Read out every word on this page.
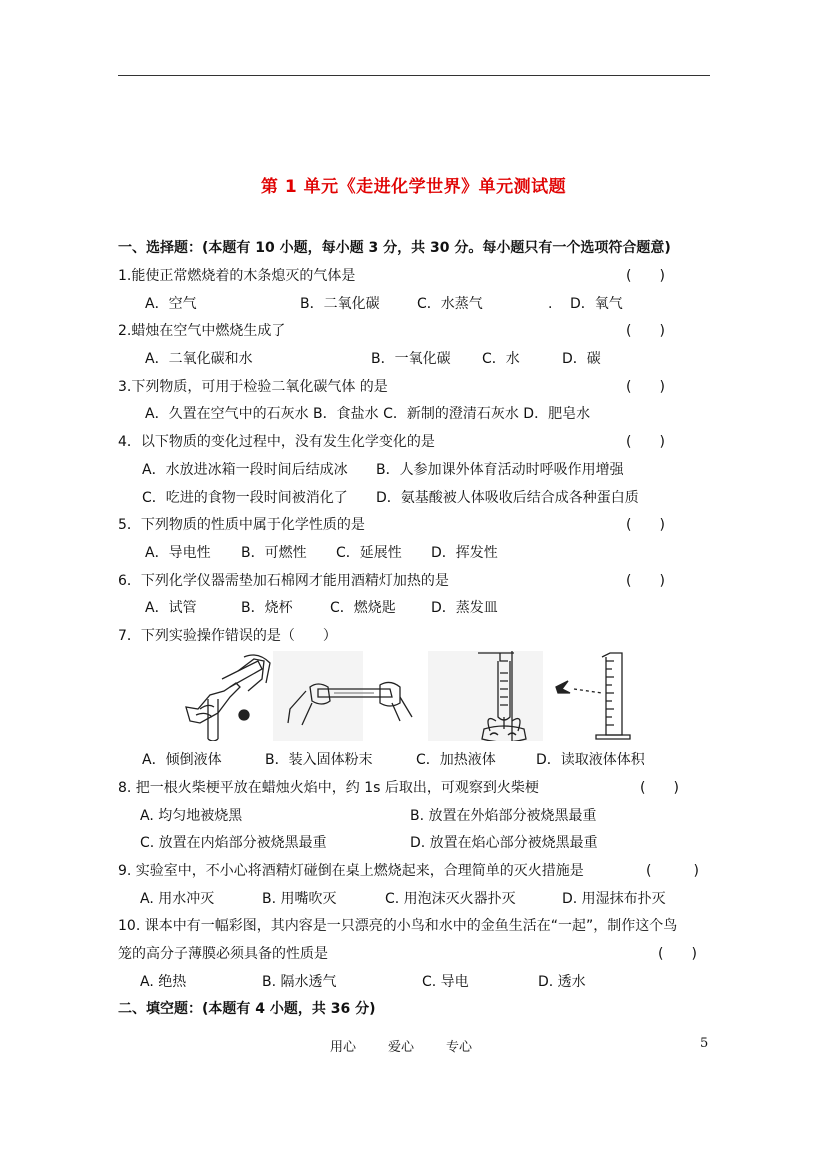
第 1 单元《走进化学世界》单元测试题
一、选择题：(本题有 10 小题，每小题 3 分，共 30 分。每小题只有一个选项符合题意)
1.能使正常燃烧着的木条熄灭的气体是	(　　)
A．空气	B．二氧化碳	C．水蒸气	. D．氧气
2.蜡烛在空气中燃烧生成了	(　　)
A．二氧化碳和水	B．一氧化碳 C．水	D．碳
3.下列物质，可用于检验二氧化碳气体 的是	(　　)
A．久置在空气中的石灰水 B．食盐水 C．新制的澄清石灰水 D．肥皂水
4．以下物质的变化过程中，没有发生化学变化的是	(　　)
A．水放进冰箱一段时间后结成冰 B．人参加课外体育活动时呼吸作用增强
C．吃进的食物一段时间被消化了 D．氨基酸被人体吸收后结合成各种蛋白质
5．下列物质的性质中属于化学性质的是	(　　)
A．导电性 B．可燃性 C．延展性 D．挥发性
6．下列化学仪器需垫加石棉网才能用酒精灯加热的是	(　　)
A．试管	B．烧杯	C．燃烧匙	D．蒸发皿
7．下列实验操作错误的是（　　）
A．倾倒液体	B．装入固体粉末	C．加热液体	D．读取液体体积
8. 把一根火柴梗平放在蜡烛火焰中，约 1s 后取出，可观察到火柴梗	(　　)
A. 均匀地被烧黑	B. 放置在外焰部分被烧黑最重
C. 放置在内焰部分被烧黑最重	D. 放置在焰心部分被烧黑最重
9. 实验室中，不小心将酒精灯碰倒在桌上燃烧起来，合理简单的灭火措施是	(　　　)
A. 用水冲灭	B. 用嘴吹灭	C. 用泡沫灭火器扑灭	D. 用湿抹布扑灭
10. 课本中有一幅彩图，其内容是一只漂亮的小鸟和水中的金鱼生活在“一起”，制作这个鸟
笼的高分子薄膜必须具备的性质是	(　　)
A. 绝热	B. 隔水透气	C. 导电	D. 透水
二、填空题：(本题有 4 小题，共 36 分)
用心 爱心 专心	5
